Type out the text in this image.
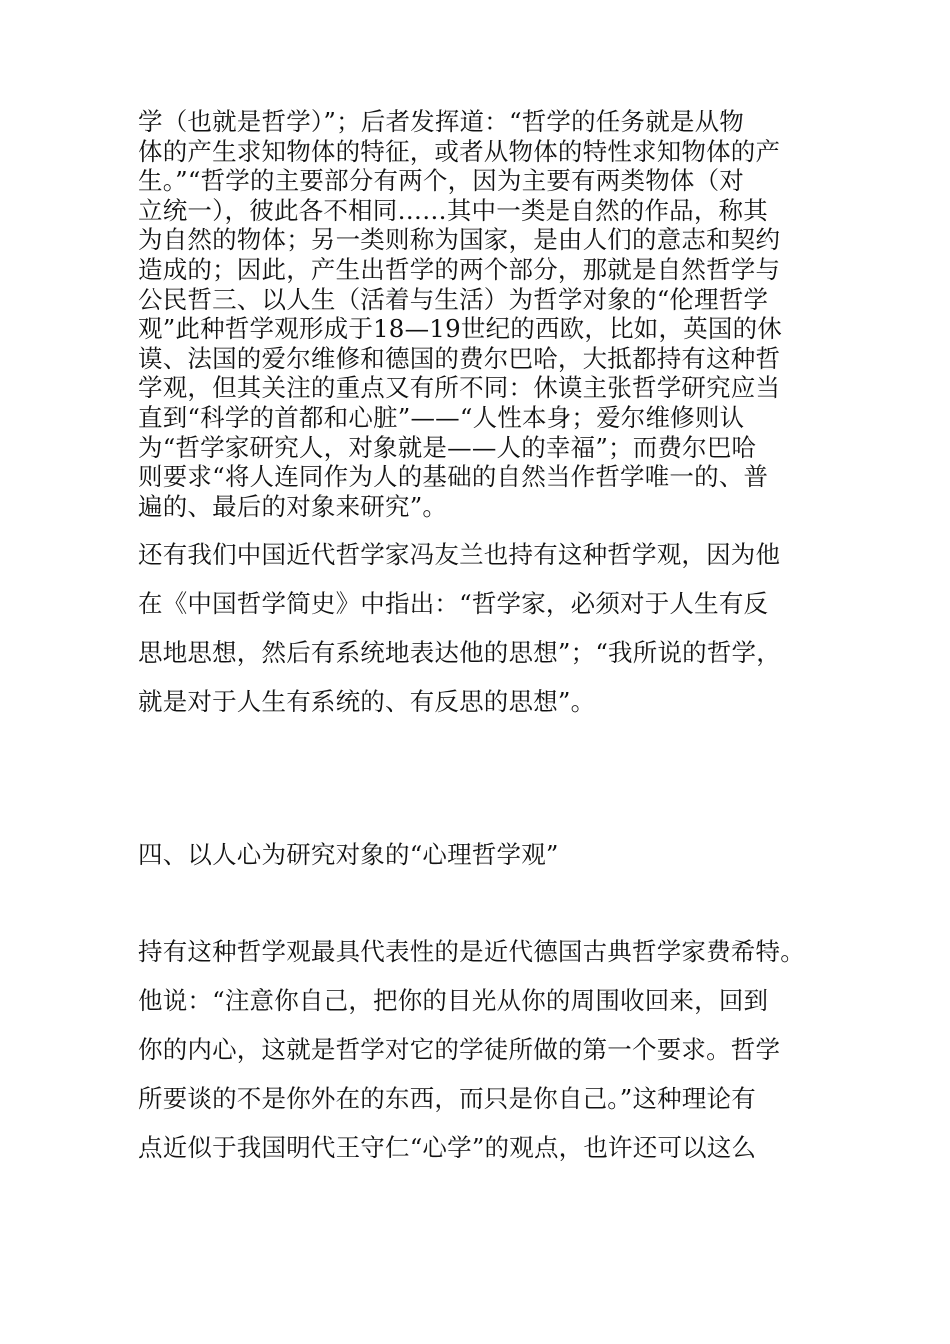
学（也就是哲学）”；后者发挥道：“哲学的任务就是从物
体的产生求知物体的特征，或者从物体的特性求知物体的产
生。”“哲学的主要部分有两个，因为主要有两类物体（对
立统一），彼此各不相同……其中一类是自然的作品，称其
为自然的物体；另一类则称为国家，是由人们的意志和契约
造成的；因此，产生出哲学的两个部分，那就是自然哲学与
公民哲三、以人生（活着与生活）为哲学对象的“伦理哲学
观”此种哲学观形成于18—19世纪的西欧，比如，英国的休
谟、法国的爱尔维修和德国的费尔巴哈，大抵都持有这种哲
学观，但其关注的重点又有所不同：休谟主张哲学研究应当
直到“科学的首都和心脏”——“人性本身；爱尔维修则认
为“哲学家研究人，对象就是——人的幸福”；而费尔巴哈
则要求“将人连同作为人的基础的自然当作哲学唯一的、普
遍的、最后的对象来研究”。
还有我们中国近代哲学家冯友兰也持有这种哲学观，因为他
在《中国哲学简史》中指出：“哲学家，必须对于人生有反
思地思想，然后有系统地表达他的思想”；“我所说的哲学，
就是对于人生有系统的、有反思的思想”。
四、以人心为研究对象的“心理哲学观”
持有这种哲学观最具代表性的是近代德国古典哲学家费希特。
他说：“注意你自己，把你的目光从你的周围收回来，回到
你的内心，这就是哲学对它的学徒所做的第一个要求。哲学
所要谈的不是你外在的东西，而只是你自己。”这种理论有
点近似于我国明代王守仁“心学”的观点，也许还可以这么
